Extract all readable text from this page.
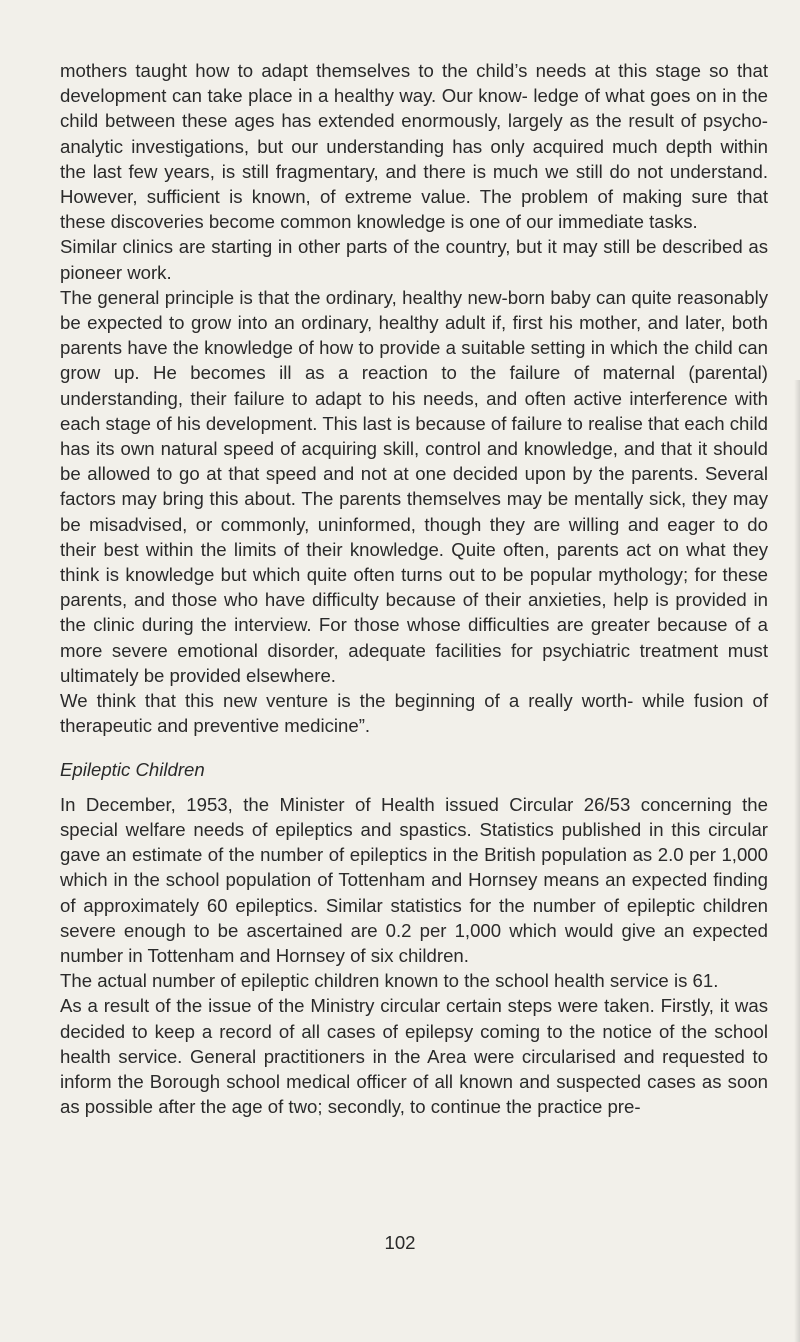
mothers taught how to adapt themselves to the child’s needs at this stage so that development can take place in a healthy way. Our know- ledge of what goes on in the child between these ages has extended enormously, largely as the result of psycho-analytic investigations, but our understanding has only acquired much depth within the last few years, is still fragmentary, and there is much we still do not understand. However, sufficient is known, of extreme value. The problem of making sure that these discoveries become common knowledge is one of our immediate tasks.

Similar clinics are starting in other parts of the country, but it may still be described as pioneer work.

The general principle is that the ordinary, healthy new-born baby can quite reasonably be expected to grow into an ordinary, healthy adult if, first his mother, and later, both parents have the knowledge of how to provide a suitable setting in which the child can grow up. He becomes ill as a reaction to the failure of maternal (parental) understanding, their failure to adapt to his needs, and often active interference with each stage of his development. This last is because of failure to realise that each child has its own natural speed of acquiring skill, control and knowledge, and that it should be allowed to go at that speed and not at one decided upon by the parents. Several factors may bring this about. The parents themselves may be mentally sick, they may be misadvised, or commonly, uninformed, though they are willing and eager to do their best within the limits of their knowledge. Quite often, parents act on what they think is knowledge but which quite often turns out to be popular mythology; for these parents, and those who have difficulty because of their anxieties, help is provided in the clinic during the interview. For those whose difficulties are greater because of a more severe emotional disorder, adequate facilities for psychiatric treatment must ultimately be provided elsewhere.

We think that this new venture is the beginning of a really worth- while fusion of therapeutic and preventive medicine”.

Epileptic Children

In December, 1953, the Minister of Health issued Circular 26/53 concerning the special welfare needs of epileptics and spastics. Statistics published in this circular gave an estimate of the number of epileptics in the British population as 2.0 per 1,000 which in the school population of Tottenham and Hornsey means an expected finding of approximately 60 epileptics. Similar statistics for the number of epileptic children severe enough to be ascertained are 0.2 per 1,000 which would give an expected number in Tottenham and Hornsey of six children.

The actual number of epileptic children known to the school health service is 61.

As a result of the issue of the Ministry circular certain steps were taken. Firstly, it was decided to keep a record of all cases of epilepsy coming to the notice of the school health service. General practitioners in the Area were circularised and requested to inform the Borough school medical officer of all known and suspected cases as soon as possible after the age of two; secondly, to continue the practice pre-

102
